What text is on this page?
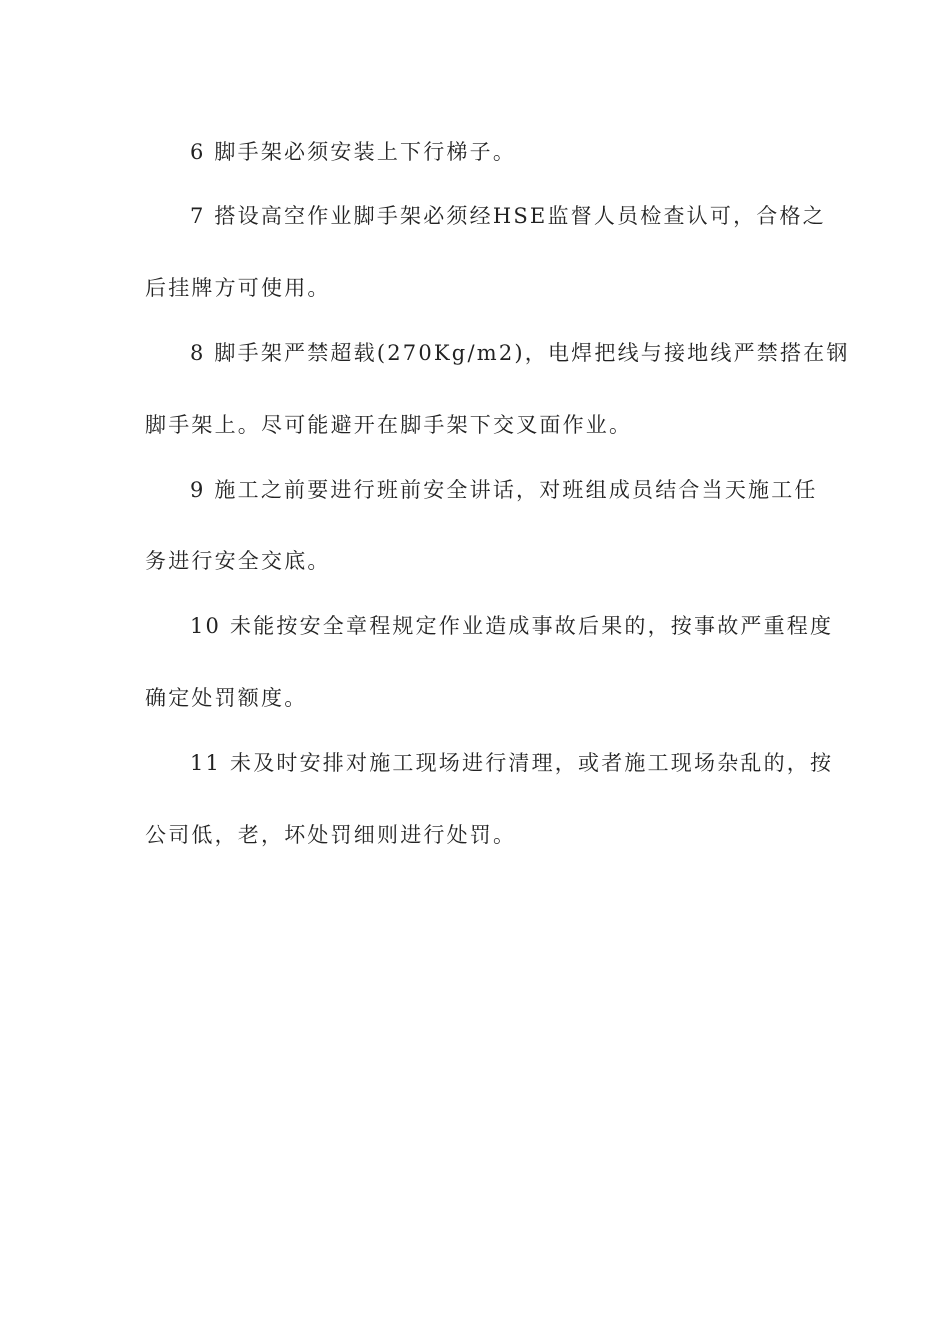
6 脚手架必须安装上下行梯子。
7 搭设高空作业脚手架必须经HSE监督人员检查认可，合格之
后挂牌方可使用。
8 脚手架严禁超载(270Kg/m2)，电焊把线与接地线严禁搭在钢
脚手架上。尽可能避开在脚手架下交叉面作业。
9 施工之前要进行班前安全讲话，对班组成员结合当天施工任
务进行安全交底。
10 未能按安全章程规定作业造成事故后果的，按事故严重程度
确定处罚额度。
11 未及时安排对施工现场进行清理，或者施工现场杂乱的，按
公司低，老，坏处罚细则进行处罚。
